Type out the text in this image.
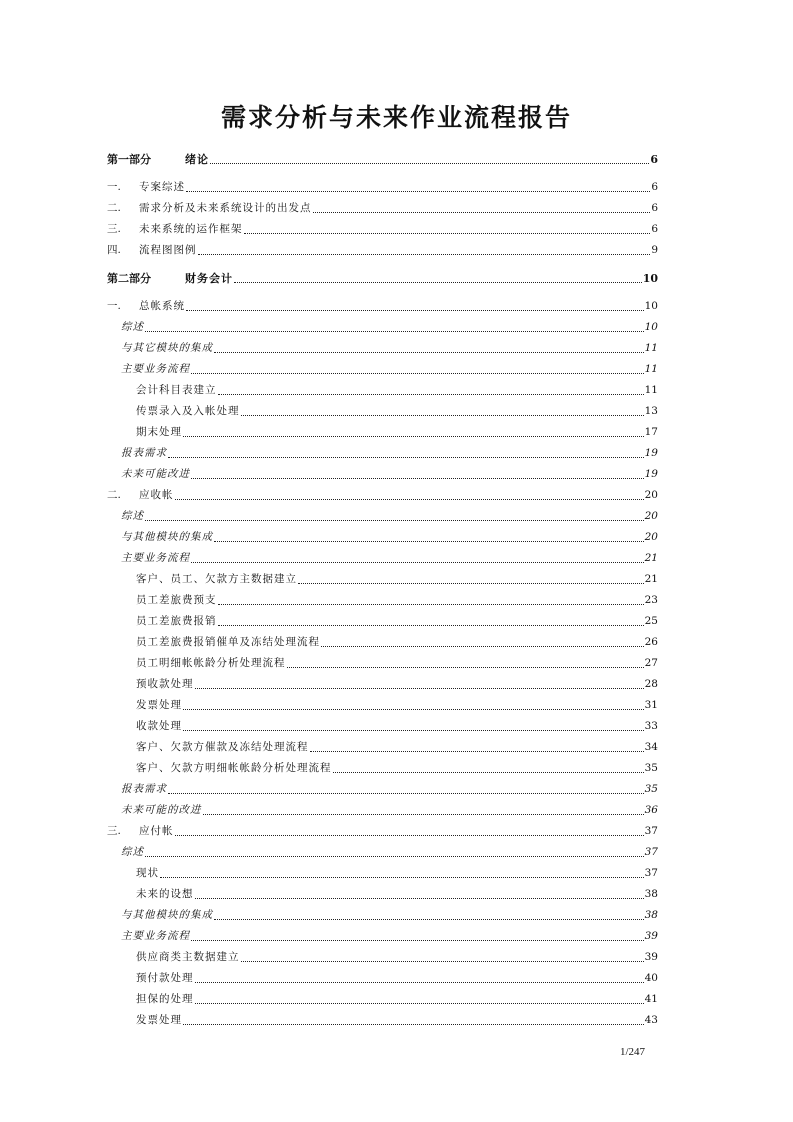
需求分析与未来作业流程报告
第一部分	绪论	6
一.	专案综述	6
二.	需求分析及未来系统设计的出发点	6
三.	未来系统的运作框架	6
四.	流程图图例	9
第二部分	财务会计	10
一.	总帐系统	10
综述	10
与其它模块的集成	11
主要业务流程	11
会计科目表建立	11
传票录入及入帐处理	13
期末处理	17
报表需求	19
未来可能改进	19
二.	应收帐	20
综述	20
与其他模块的集成	20
主要业务流程	21
客户、员工、欠款方主数据建立	21
员工差旅费预支	23
员工差旅费报销	25
员工差旅费报销催单及冻结处理流程	26
员工明细帐帐龄分析处理流程	27
预收款处理	28
发票处理	31
收款处理	33
客户、欠款方催款及冻结处理流程	34
客户、欠款方明细帐帐龄分析处理流程	35
报表需求	35
未来可能的改进	36
三.	应付帐	37
综述	37
现状	37
未来的设想	38
与其他模块的集成	38
主要业务流程	39
供应商类主数据建立	39
预付款处理	40
担保的处理	41
发票处理	43
1/247
